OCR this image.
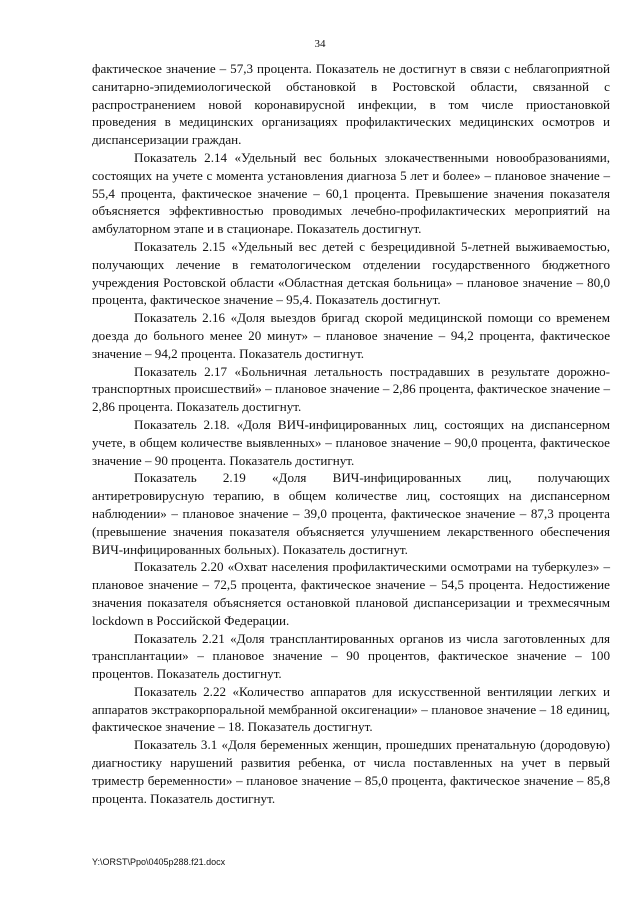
34

фактическое значение – 57,3 процента. Показатель не достигнут в связи с неблагоприятной санитарно-эпидемиологической обстановкой в Ростовской области, связанной с распространением новой коронавирусной инфекции, в том числе приостановкой проведения в медицинских организациях профилактических медицинских осмотров и диспансеризации граждан.

Показатель 2.14 «Удельный вес больных злокачественными новообразованиями, состоящих на учете с момента установления диагноза 5 лет и более» – плановое значение – 55,4 процента, фактическое значение – 60,1 процента. Превышение значения показателя объясняется эффективностью проводимых лечебно-профилактических мероприятий на амбулаторном этапе и в стационаре. Показатель достигнут.

Показатель 2.15 «Удельный вес детей с безрецидивной 5-летней выживаемостью, получающих лечение в гематологическом отделении государственного бюджетного учреждения Ростовской области «Областная детская больница» – плановое значение – 80,0 процента, фактическое значение – 95,4. Показатель достигнут.

Показатель 2.16 «Доля выездов бригад скорой медицинской помощи со временем доезда до больного менее 20 минут» – плановое значение – 94,2 процента, фактическое значение – 94,2 процента. Показатель достигнут.

Показатель 2.17 «Больничная летальность пострадавших в результате дорожно-транспортных происшествий» – плановое значение – 2,86 процента, фактическое значение – 2,86 процента. Показатель достигнут.

Показатель 2.18. «Доля ВИЧ-инфицированных лиц, состоящих на диспансерном учете, в общем количестве выявленных» – плановое значение – 90,0 процента, фактическое значение – 90 процента. Показатель достигнут.

Показатель 2.19 «Доля ВИЧ-инфицированных лиц, получающих антиретровирусную терапию, в общем количестве лиц, состоящих на диспансерном наблюдении» – плановое значение – 39,0 процента, фактическое значение – 87,3 процента (превышение значения показателя объясняется улучшением лекарственного обеспечения ВИЧ-инфицированных больных). Показатель достигнут.

Показатель 2.20 «Охват населения профилактическими осмотрами на туберкулез» – плановое значение – 72,5 процента, фактическое значение – 54,5 процента. Недостижение значения показателя объясняется остановкой плановой диспансеризации и трехмесячным lockdown в Российской Федерации.

Показатель 2.21 «Доля трансплантированных органов из числа заготовленных для трансплантации» – плановое значение – 90 процентов, фактическое значение – 100 процентов. Показатель достигнут.

Показатель 2.22 «Количество аппаратов для искусственной вентиляции легких и аппаратов экстракорпоральной мембранной оксигенации» – плановое значение – 18 единиц, фактическое значение – 18. Показатель достигнут.

Показатель 3.1 «Доля беременных женщин, прошедших пренатальную (дородовую) диагностику нарушений развития ребенка, от числа поставленных на учет в первый триместр беременности» – плановое значение – 85,0 процента, фактическое значение – 85,8 процента. Показатель достигнут.

Y:\ORST\Ppo\0405p288.f21.docx
